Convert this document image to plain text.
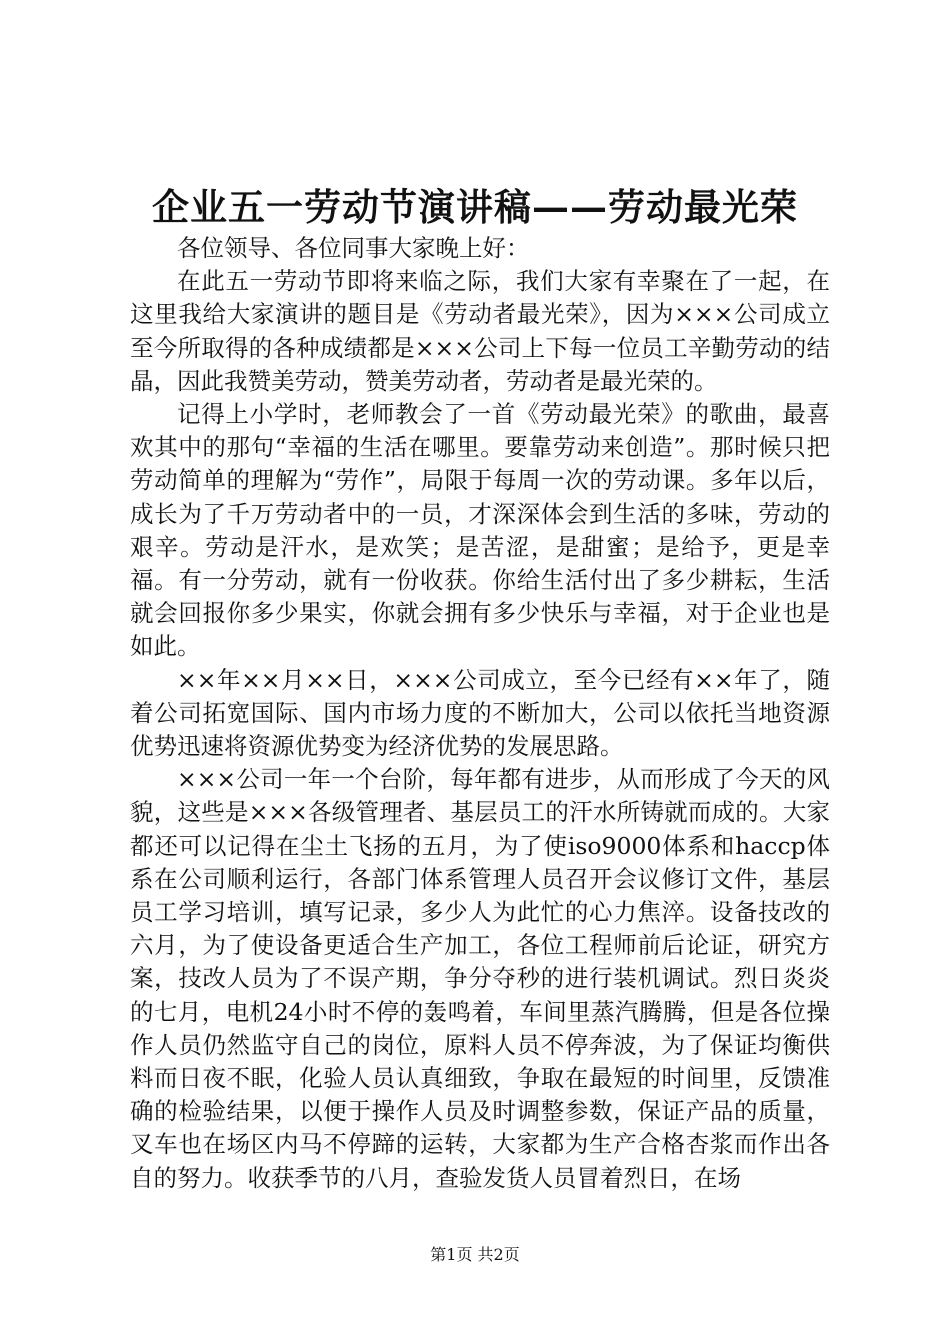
企业五一劳动节演讲稿——劳动最光荣

各位领导、各位同事大家晚上好：

在此五一劳动节即将来临之际，我们大家有幸聚在了一起，在这里我给大家演讲的题目是《劳动者最光荣》，因为×××公司成立至今所取得的各种成绩都是×××公司上下每一位员工辛勤劳动的结晶，因此我赞美劳动，赞美劳动者，劳动者是最光荣的。

记得上小学时，老师教会了一首《劳动最光荣》的歌曲，最喜欢其中的那句“幸福的生活在哪里。要靠劳动来创造”。那时候只把劳动简单的理解为“劳作”，局限于每周一次的劳动课。多年以后，成长为了千万劳动者中的一员，才深深体会到生活的多味，劳动的艰辛。劳动是汗水，是欢笑；是苦涩，是甜蜜；是给予，更是幸福。有一分劳动，就有一份收获。你给生活付出了多少耕耘，生活就会回报你多少果实，你就会拥有多少快乐与幸福，对于企业也是如此。

××年××月××日，×××公司成立，至今已经有××年了，随着公司拓宽国际、国内市场力度的不断加大，公司以依托当地资源优势迅速将资源优势变为经济优势的发展思路。

×××公司一年一个台阶，每年都有进步，从而形成了今天的风貌，这些是×××各级管理者、基层员工的汗水所铸就而成的。大家都还可以记得在尘土飞扬的五月，为了使iso9000体系和haccp体系在公司顺利运行，各部门体系管理人员召开会议修订文件，基层员工学习培训，填写记录，多少人为此忙的心力焦淬。设备技改的六月，为了使设备更适合生产加工，各位工程师前后论证，研究方案，技改人员为了不误产期，争分夺秒的进行装机调试。烈日炎炎的七月，电机24小时不停的轰鸣着，车间里蒸汽腾腾，但是各位操作人员仍然监守自己的岗位，原料人员不停奔波，为了保证均衡供料而日夜不眠，化验人员认真细致，争取在最短的时间里，反馈准确的检验结果，以便于操作人员及时调整参数，保证产品的质量，叉车也在场区内马不停蹄的运转，大家都为生产合格杏浆而作出各自的努力。收获季节的八月，查验发货人员冒着烈日，在场

第1页 共2页
